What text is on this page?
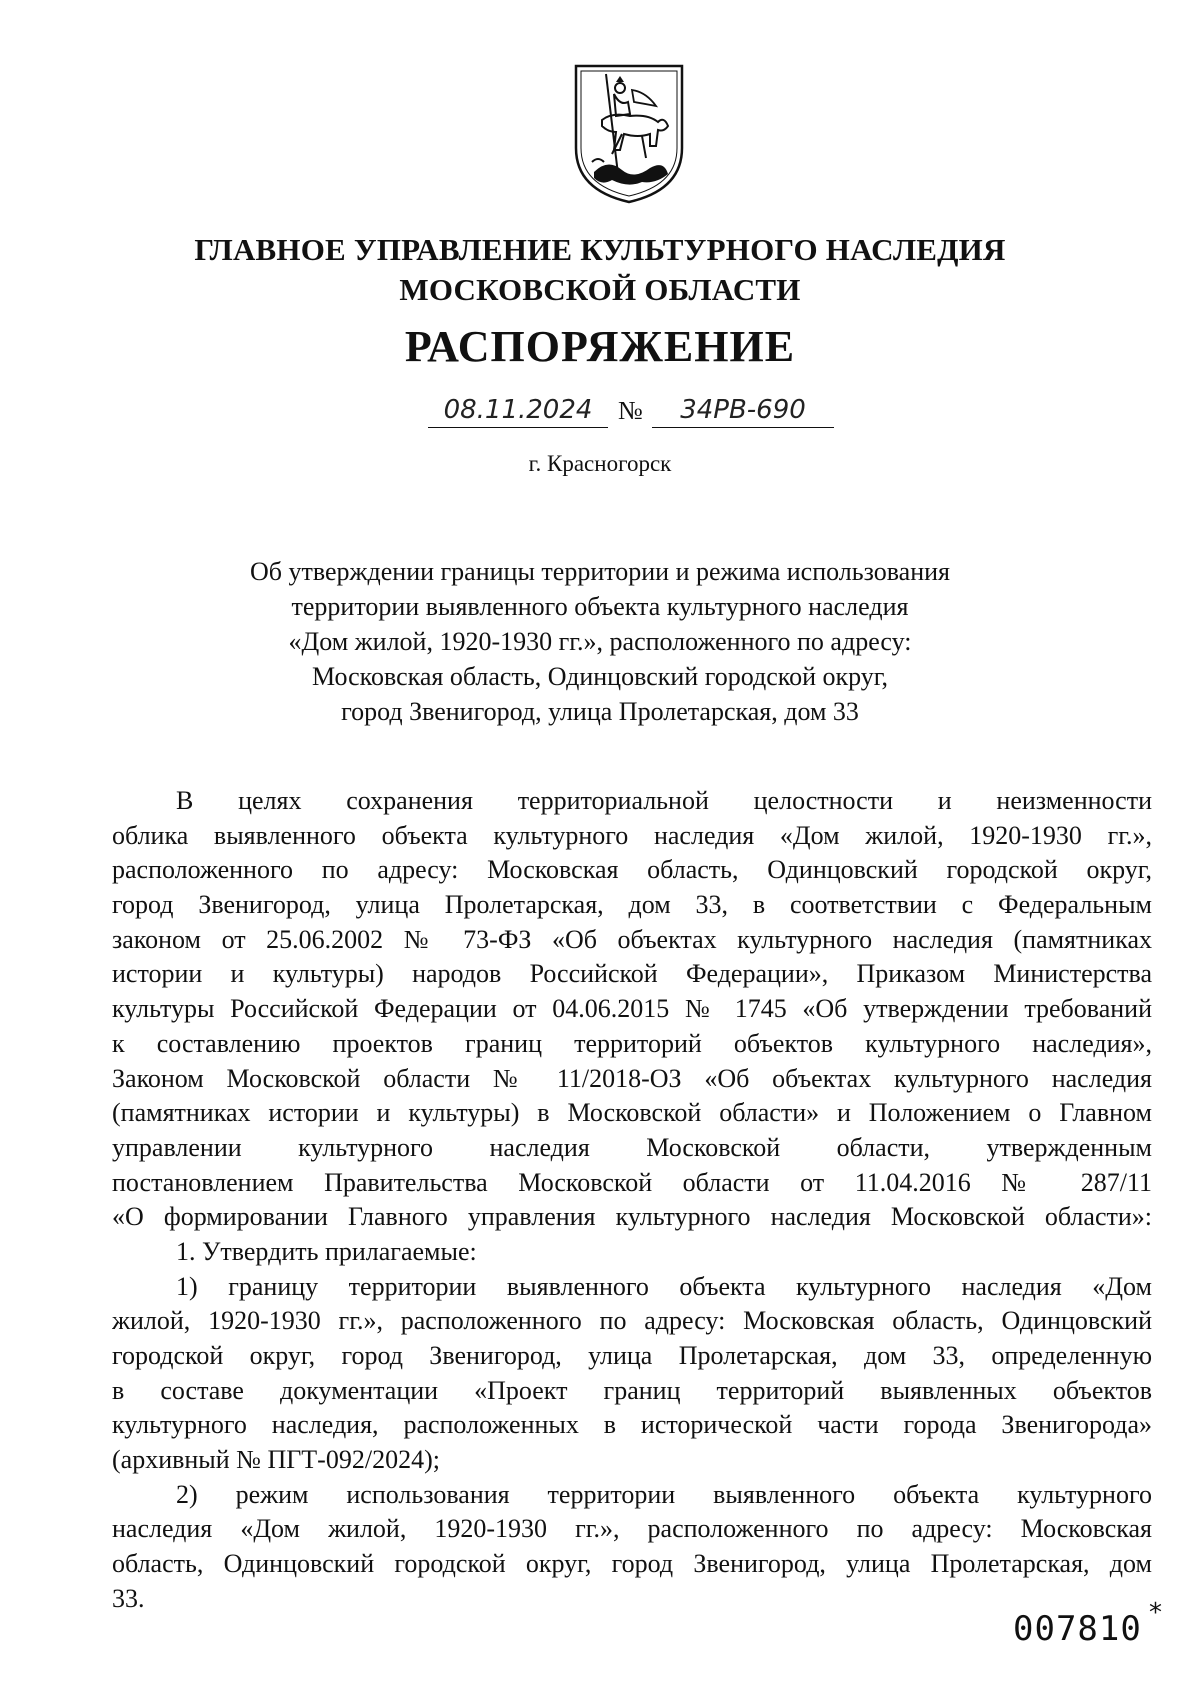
ГЛАВНОЕ УПРАВЛЕНИЕ КУЛЬТУРНОГО НАСЛЕДИЯ
МОСКОВСКОЙ ОБЛАСТИ
РАСПОРЯЖЕНИЕ
08.11.2024 №	34РВ-690
г. Красногорск
Об утверждении границы территории и режима использования
территории выявленного объекта культурного наследия
«Дом жилой, 1920-1930 гг.», расположенного по адресу:
Московская область, Одинцовский городской округ,
город Звенигород, улица Пролетарская, дом 33
В целях сохранения территориальной целостности и неизменности
облика выявленного объекта культурного наследия «Дом жилой, 1920-1930 гг.»,
расположенного по адресу: Московская область, Одинцовский городской округ,
город Звенигород, улица Пролетарская, дом 33, в соответствии с Федеральным
законом от 25.06.2002 № 73-ФЗ «Об объектах культурного наследия (памятниках
истории и культуры) народов Российской Федерации», Приказом Министерства
культуры Российской Федерации от 04.06.2015 № 1745 «Об утверждении требований
к составлению проектов границ территорий объектов культурного наследия»,
Законом Московской области № 11/2018-ОЗ «Об объектах культурного наследия
(памятниках истории и культуры) в Московской области» и Положением о Главном
управлении культурного наследия Московской области, утвержденным
постановлением Правительства Московской области от 11.04.2016 № 287/11
«О формировании Главного управления культурного наследия Московской области»:
1. Утвердить прилагаемые:
1) границу территории выявленного объекта культурного наследия «Дом
жилой, 1920-1930 гг.», расположенного по адресу: Московская область, Одинцовский
городской округ, город Звенигород, улица Пролетарская, дом 33, определенную
в составе документации «Проект границ территорий выявленных объектов
культурного наследия, расположенных в исторической части города Звенигорода»
(архивный № ПГТ-092/2024);
2) режим использования территории выявленного объекта культурного
наследия «Дом жилой, 1920-1930 гг.», расположенного по адресу: Московская
область, Одинцовский городской округ, город Звенигород, улица Пролетарская, дом
33.
007810 *
